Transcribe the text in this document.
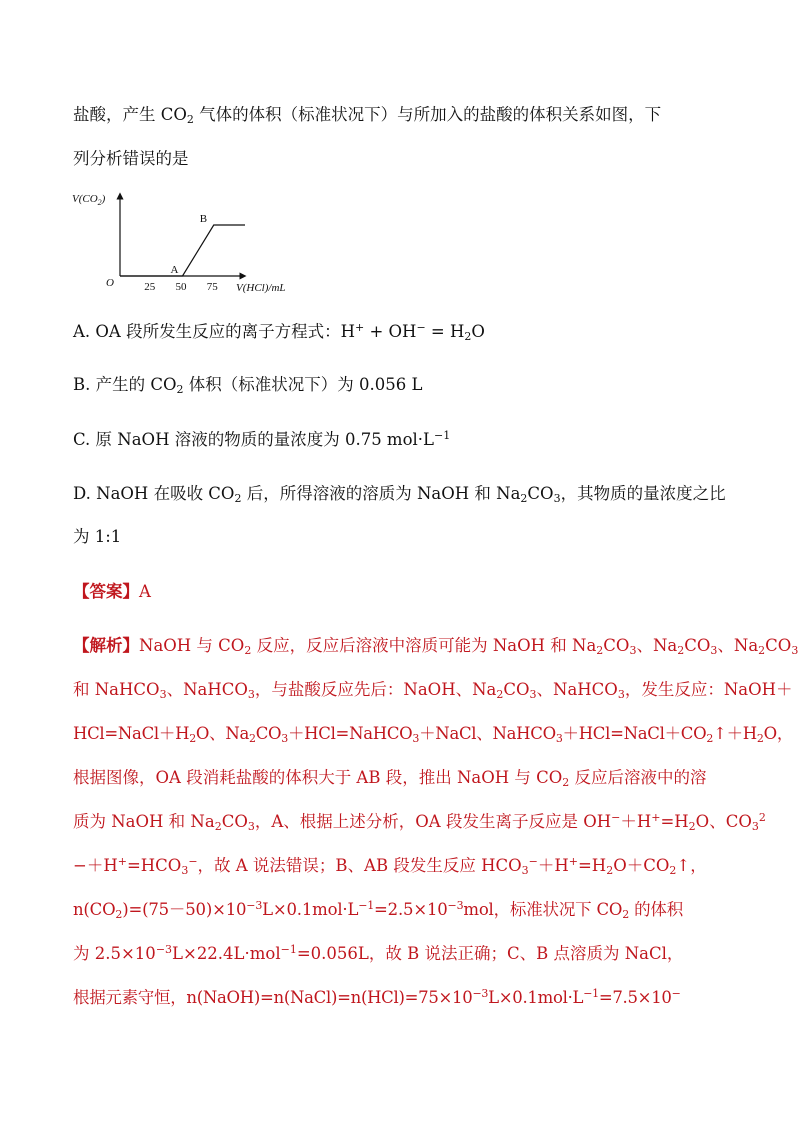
盐酸，产生 $CO_2$ 气体的体积（标准状况下）与所加入的盐酸的体积关系如图，下
列分析错误的是
$V(CO_2)$
O	25 50 75
A
B
V(HCl)/mL
A. OA 段所发生反应的离子方程式：$H^+ + OH^- = H_2O$
B. 产生的 $CO_2$ 体积（标准状况下）为 0.056 L
C. 原 NaOH 溶液的物质的量浓度为 0.75 $mol\cdot L^{-1}$
D. NaOH 在吸收 $CO_2$ 后，所得溶液的溶质为 NaOH 和 $Na_2CO_3$，其物质的量浓度之比
为 1:1
【答案】A
【解析】NaOH 与 $CO_2$ 反应，反应后溶液中溶质可能为 NaOH 和 $Na_2CO_3$、$Na_2CO_3$、$Na_2CO_3$
和 NaHCO$_3$、NaHCO$_3$，与盐酸反应先后：NaOH、$Na_2CO_3$、NaHCO$_3$，发生反应：NaOH＋
$HCl=NaCl+H_2O$、$Na_2CO_3+HCl=NaHCO_3+NaCl$、$NaHCO_3+HCl=NaCl+CO_2↑+H_2O$，
根据图像，OA 段消耗盐酸的体积大于 AB 段，推出 NaOH 与 $CO_2$ 反应后溶液中的溶
质为 NaOH 和 $Na_2CO_3$，A、根据上述分析，OA 段发生离子反应是 $OH^-+H^+=H_2O$、$CO_3^2$
$-+H^+=HCO_3^-$，故 A 说法错误；B、AB 段发生反应 $HCO_3^-+H^+=H_2O+CO_2↑$，
$n(CO_2)=(75-50)\times 10^{-3}L\times 0.1mol\cdot L^{-1}=2.5\times 10^{-3}mol$，标准状况下 $CO_2$ 的体积
为 $2.5\times 10^{-3}L\times 22.4L\cdot mol^{-1}=0.056L$，故 B 说法正确；C、B 点溶质为 NaCl，
根据元素守恒，$n(NaOH)=n(NaCl)=n(HCl)=75\times 10^{-3}L\times 0.1mol\cdot L^{-1}=7.5\times 10^-$
